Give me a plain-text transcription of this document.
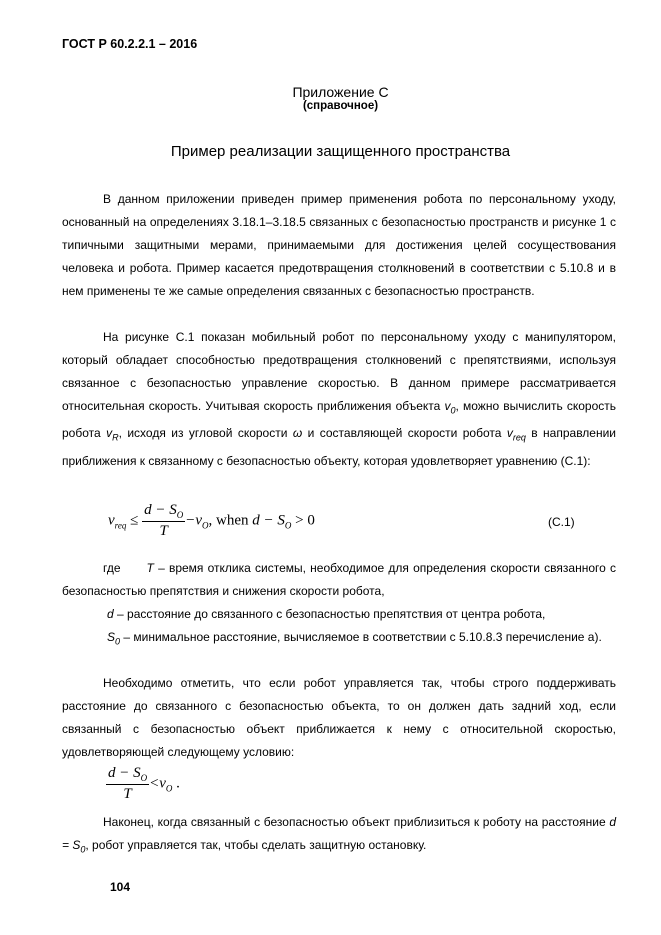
ГОСТ Р 60.2.2.1 – 2016
Приложение С
(справочное)
Пример реализации защищенного пространства
В данном приложении приведен пример применения робота по персональному уходу, основанный на определениях 3.18.1–3.18.5 связанных с безопасностью пространств и рисунке 1 с типичными защитными мерами, принимаемыми для достижения целей сосуществования человека и робота. Пример касается предотвращения столкновений в соответствии с 5.10.8 и в нем применены те же самые определения связанных с безопасностью пространств.
На рисунке С.1 показан мобильный робот по персональному уходу с манипулятором, который обладает способностью предотвращения столкновений с препятствиями, используя связанное с безопасностью управление скоростью. В данном примере рассматривается относительная скорость. Учитывая скорость приближения объекта $v_0$, можно вычислить скорость робота $v_R$, исходя из угловой скорости ω и составляющей скорости робота $v_{req}$ в направлении приближения к связанному с безопасностью объекту, которая удовлетворяет уравнению (С.1):
$v_{req} \le \frac{d - S_O}{T} -v_O$, when $d - S_O > 0$	(С.1)
где T – время отклика системы, необходимое для определения скорости связанного с безопасностью препятствия и снижения скорости робота,
d – расстояние до связанного с безопасностью препятствия от центра робота,
$S_0$ – минимальное расстояние, вычисляемое в соответствии с 5.10.8.3 перечисление а).
Необходимо отметить, что если робот управляется так, чтобы строго поддерживать расстояние до связанного с безопасностью объекта, то он должен дать задний ход, если связанный с безопасностью объект приближается к нему с относительной скоростью, удовлетворяющей следующему условию:
$\frac{d - S_O}{T} <v_O$ .
Наконец, когда связанный с безопасностью объект приблизиться к роботу на расстояние $d = S_0$, робот управляется так, чтобы сделать защитную остановку.
104
